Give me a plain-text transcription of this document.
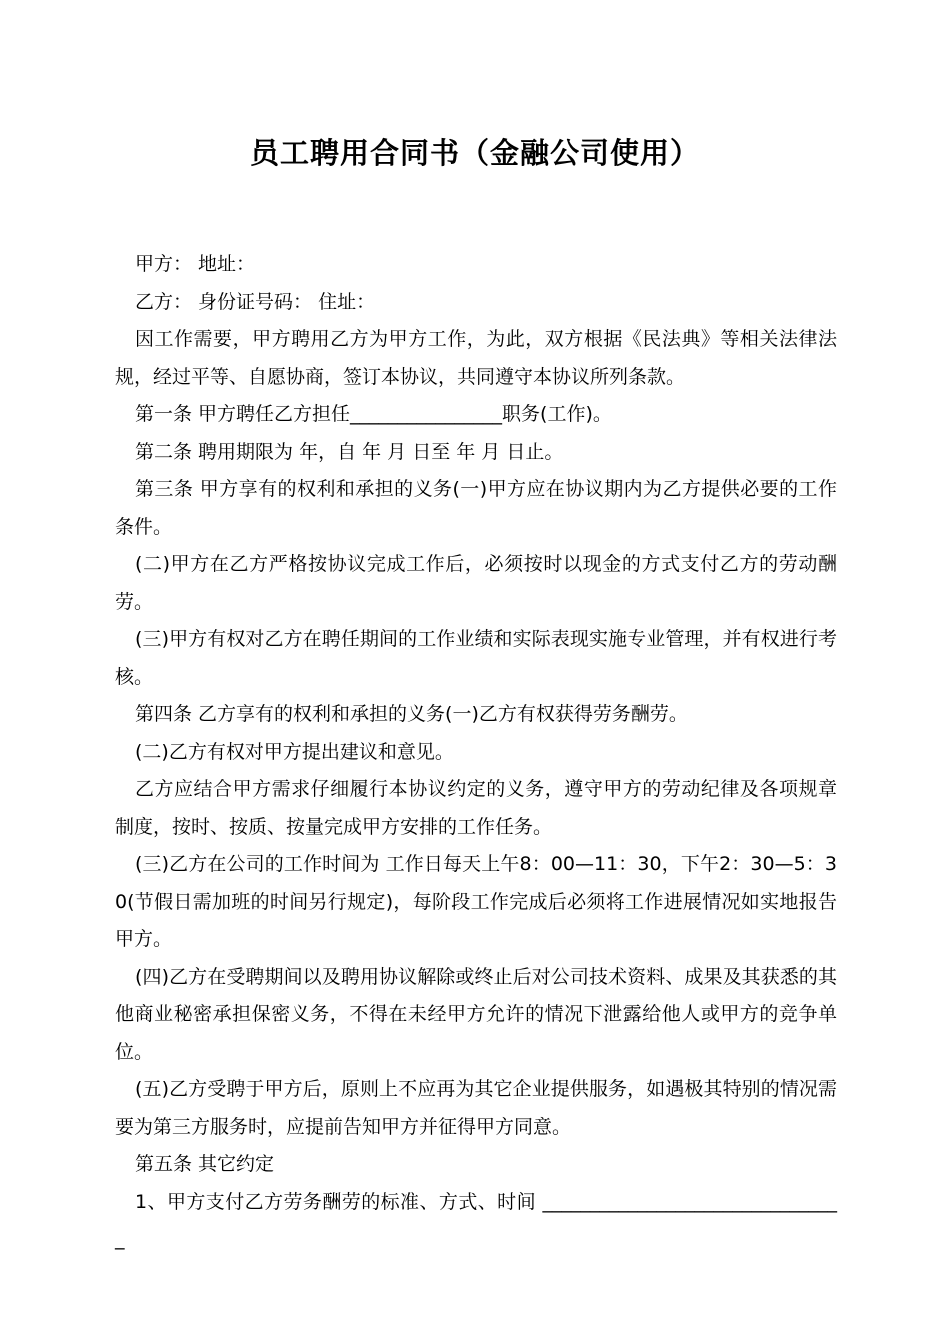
员工聘用合同书（金融公司使用）

甲方： 地址：

乙方： 身份证号码： 住址：

因工作需要，甲方聘用乙方为甲方工作，为此，双方根据《民法典》等相关法律法规，经过平等、自愿协商，签订本协议，共同遵守本协议所列条款。

第一条 甲方聘任乙方担任________________职务(工作)。

第二条 聘用期限为 年，自 年 月 日至 年 月 日止。

第三条 甲方享有的权利和承担的义务(一)甲方应在协议期内为乙方提供必要的工作条件。

(二)甲方在乙方严格按协议完成工作后，必须按时以现金的方式支付乙方的劳动酬劳。

(三)甲方有权对乙方在聘任期间的工作业绩和实际表现实施专业管理，并有权进行考核。

第四条 乙方享有的权利和承担的义务(一)乙方有权获得劳务酬劳。

(二)乙方有权对甲方提出建议和意见。

乙方应结合甲方需求仔细履行本协议约定的义务，遵守甲方的劳动纪律及各项规章制度，按时、按质、按量完成甲方安排的工作任务。

(三)乙方在公司的工作时间为 工作日每天上午8：00—11：30，下午2：30—5：30(节假日需加班的时间另行规定)，每阶段工作完成后必须将工作进展情况如实地报告甲方。

(四)乙方在受聘期间以及聘用协议解除或终止后对公司技术资料、成果及其获悉的其他商业秘密承担保密义务，不得在未经甲方允许的情况下泄露给他人或甲方的竞争单位。

(五)乙方受聘于甲方后，原则上不应再为其它企业提供服务，如遇极其特别的情况需要为第三方服务时，应提前告知甲方并征得甲方同意。

第五条 其它约定

1、甲方支付乙方劳务酬劳的标准、方式、时间 ________________________________
